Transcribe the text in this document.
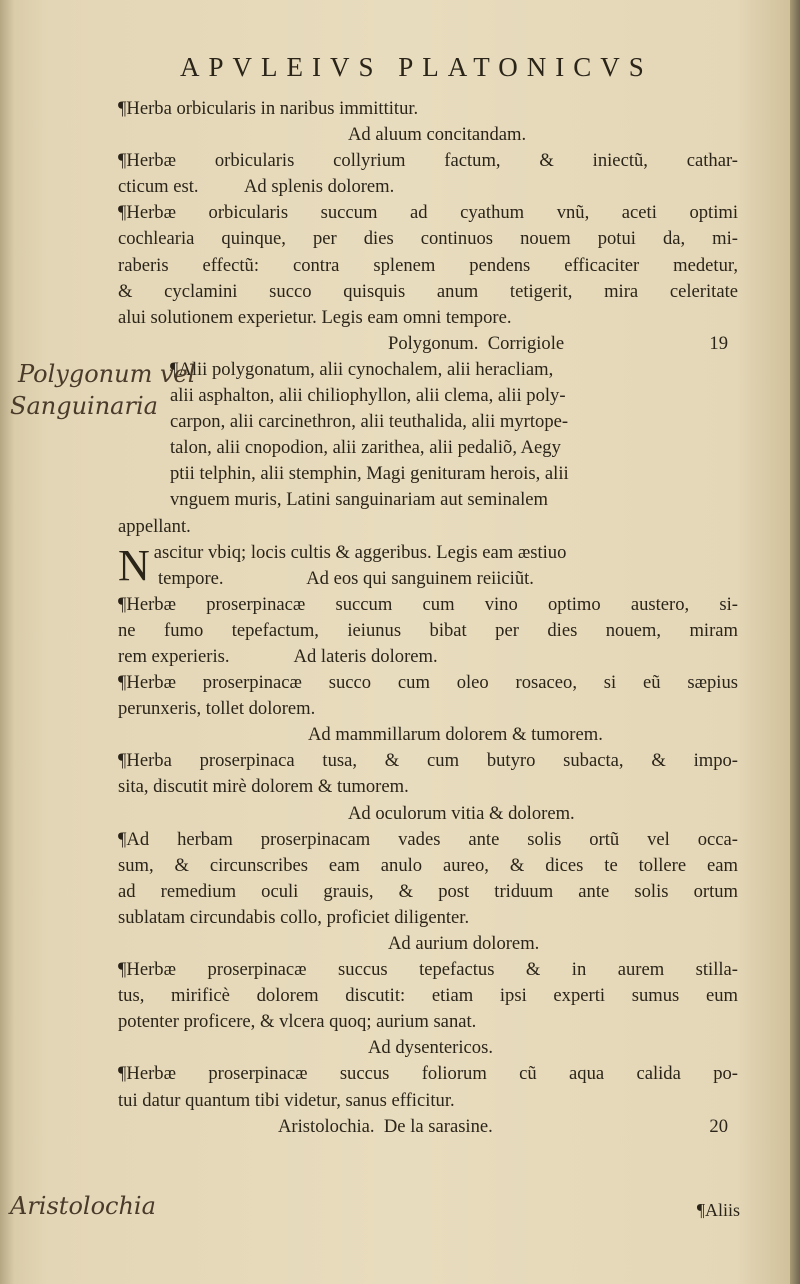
APVLEIVS PLATONICVS
¶Herba orbicularis in naribus immittitur.
Ad aluum concitandam.
¶Herbæ orbicularis collyrium factum, & iniectũ, cathar-
cticum est.          Ad splenis dolorem.
¶Herbæ orbicularis succum ad cyathum vnũ, aceti optimi
cochlearia quinque, per dies continuos nouem potui da, mi-
raberis effectũ: contra splenem pendens efficaciter medetur,
& cyclamini succo quisquis anum tetigerit, mira celeritate
alui solutionem experietur. Legis eam omni tempore.
Polygonum.  Corrigiole	19
¶Alii polygonatum, alii cynochalem, alii heracliam,
alii asphalton, alii chiliophyllon, alii clema, alii poly-
carpon, alii carcinethron, alii teuthalida, alii myrtope-
talon, alii cnopodion, alii zarithea, alii pedaliõ, Aegy
ptii telphin, alii stemphin, Magi genituram herois, alii
vnguem muris, Latini sanguinariam aut seminalem
appellant.
Nascitur vbiq; locis cultis & aggeribus. Legis eam æstiuo
tempore.                  Ad eos qui sanguinem reiiciũt.
¶Herbæ proserpinacæ succum cum vino optimo austero, si-
ne fumo tepefactum, ieiunus bibat per dies nouem, miram
rem experieris.              Ad lateris dolorem.
¶Herbæ proserpinacæ succo cum oleo rosaceo, si eũ sæpius
perunxeris, tollet dolorem.
Ad mammillarum dolorem & tumorem.
¶Herba proserpinaca tusa, & cum butyro subacta, & impo-
sita, discutit mirè dolorem & tumorem.
Ad oculorum vitia & dolorem.
¶Ad herbam proserpinacam vades ante solis ortũ vel occa-
sum, & circunscribes eam anulo aureo, & dices te tollere eam
ad remedium oculi grauis, & post triduum ante solis ortum
sublatam circundabis collo, proficiet diligenter.
Ad aurium dolorem.
¶Herbæ proserpinacæ succus tepefactus & in aurem stilla-
tus, mirificè dolorem discutit: etiam ipsi experti sumus eum
potenter proficere, & vlcera quoq; aurium sanat.
Ad dysentericos.
¶Herbæ proserpinacæ succus foliorum cũ aqua calida po-
tui datur quantum tibi videtur, sanus efficitur.
Aristolochia.  De la sarasine.	20
Polygonum vel
Sanguinaria
Aristolochia	¶Aliis
